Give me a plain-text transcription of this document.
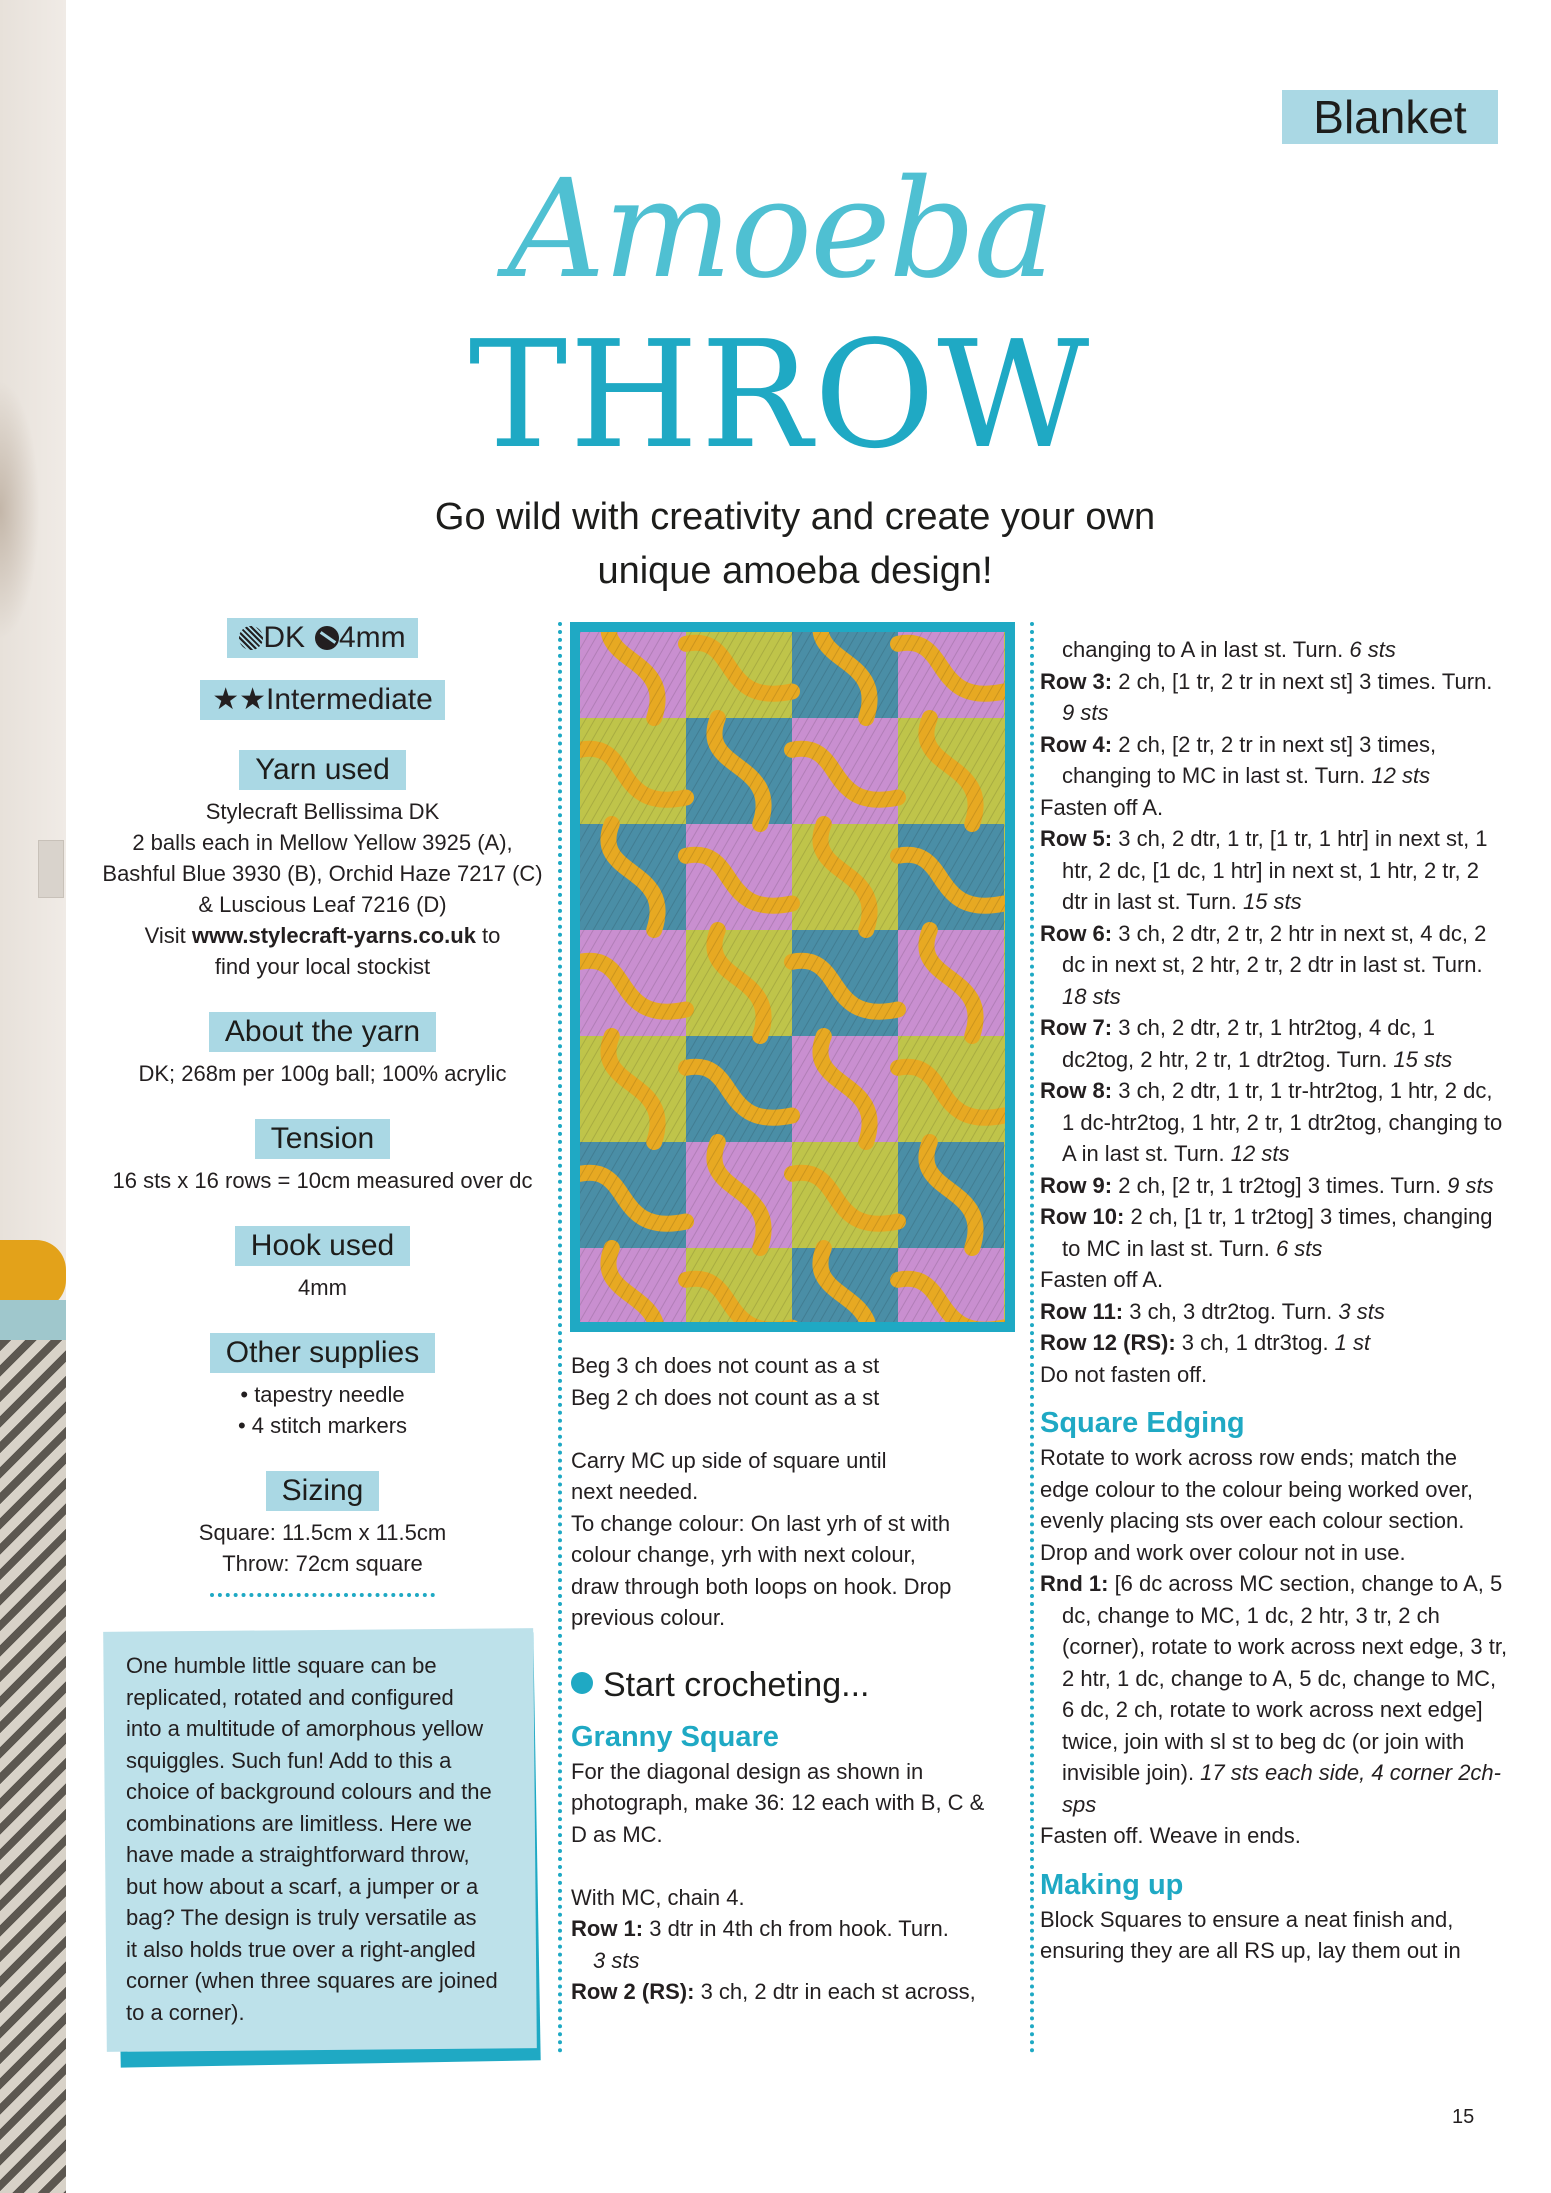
Blanket
Amoeba
THROW
Go wild with creativity and create your own
unique amoeba design!
DK 4mm
★★Intermediate
Yarn used
Stylecraft Bellissima DK
2 balls each in Mellow Yellow 3925 (A),
Bashful Blue 3930 (B), Orchid Haze 7217 (C)
& Luscious Leaf 7216 (D)
Visit www.stylecraft-yarns.co.uk to
find your local stockist
About the yarn
DK; 268m per 100g ball; 100% acrylic
Tension
16 sts x 16 rows = 10cm measured over dc
Hook used
4mm
Other supplies
• tapestry needle
• 4 stitch markers
Sizing
Square: 11.5cm x 11.5cm
Throw: 72cm square
One humble little square can be
replicated, rotated and configured
into a multitude of amorphous yellow
squiggles. Such fun! Add to this a
choice of background colours and the
combinations are limitless. Here we
have made a straightforward throw,
but how about a scarf, a jumper or a
bag? The design is truly versatile as
it also holds true over a right-angled
corner (when three squares are joined
to a corner).
Beg 3 ch does not count as a st
Beg 2 ch does not count as a st
Carry MC up side of square until
next needed.
To change colour: On last yrh of st with
colour change, yrh with next colour,
draw through both loops on hook. Drop
previous colour.
Start crocheting...
Granny Square
For the diagonal design as shown in
photograph, make 36: 12 each with B, C &
D as MC.
With MC, chain 4.
Row 1: 3 dtr in 4th ch from hook. Turn.
3 sts
Row 2 (RS): 3 ch, 2 dtr in each st across,
changing to A in last st. Turn. 6 sts
Row 3: 2 ch, [1 tr, 2 tr in next st] 3 times. Turn. 9 sts
Row 4: 2 ch, [2 tr, 2 tr in next st] 3 times, changing to MC in last st. Turn. 12 sts
Fasten off A.
Row 5: 3 ch, 2 dtr, 1 tr, [1 tr, 1 htr] in next st, 1 htr, 2 dc, [1 dc, 1 htr] in next st, 1 htr, 2 tr, 2 dtr in last st. Turn. 15 sts
Row 6: 3 ch, 2 dtr, 2 tr, 2 htr in next st, 4 dc, 2 dc in next st, 2 htr, 2 tr, 2 dtr in last st. Turn. 18 sts
Row 7: 3 ch, 2 dtr, 2 tr, 1 htr2tog, 4 dc, 1 dc2tog, 2 htr, 2 tr, 1 dtr2tog. Turn. 15 sts
Row 8: 3 ch, 2 dtr, 1 tr, 1 tr-htr2tog, 1 htr, 2 dc, 1 dc-htr2tog, 1 htr, 2 tr, 1 dtr2tog, changing to A in last st. Turn. 12 sts
Row 9: 2 ch, [2 tr, 1 tr2tog] 3 times. Turn. 9 sts
Row 10: 2 ch, [1 tr, 1 tr2tog] 3 times, changing to MC in last st. Turn. 6 sts
Fasten off A.
Row 11: 3 ch, 3 dtr2tog. Turn. 3 sts
Row 12 (RS): 3 ch, 1 dtr3tog. 1 st
Do not fasten off.
Square Edging
Rotate to work across row ends; match the edge colour to the colour being worked over, evenly placing sts over each colour section. Drop and work over colour not in use.
Rnd 1: [6 dc across MC section, change to A, 5 dc, change to MC, 1 dc, 2 htr, 3 tr, 2 ch (corner), rotate to work across next edge, 3 tr, 2 htr, 1 dc, change to A, 5 dc, change to MC, 6 dc, 2 ch, rotate to work across next edge] twice, join with sl st to beg dc (or join with invisible join). 17 sts each side, 4 corner 2ch-sps
Fasten off. Weave in ends.
Making up
Block Squares to ensure a neat finish and, ensuring they are all RS up, lay them out in
15
